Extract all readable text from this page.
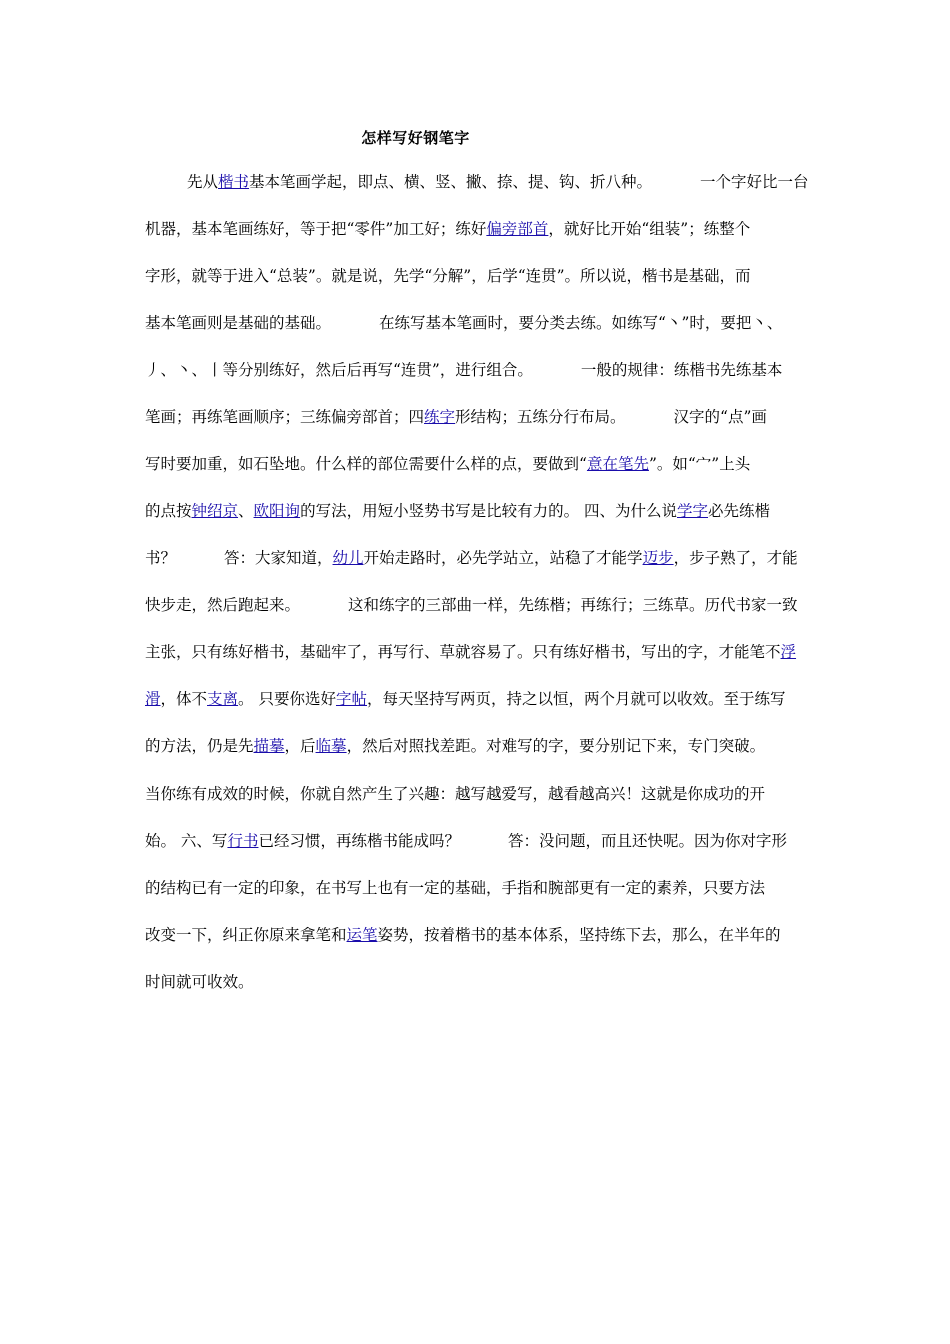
怎样写好钢笔字
先从楷书基本笔画学起，即点、横、竖、撇、捺、提、钩、折八种。	一个字好比一台
机器，基本笔画练好，等于把“零件”加工好；练好偏旁部首，就好比开始“组装”；练整个
字形，就等于进入“总装”。就是说，先学“分解”，后学“连贯”。所以说，楷书是基础，而
基本笔画则是基础的基础。	在练写基本笔画时，要分类去练。如练写“丶”时，要把丶、
丿、丶、丨等分别练好，然后后再写“连贯”，进行组合。	一般的规律：练楷书先练基本
笔画；再练笔画顺序；三练偏旁部首；四练字形结构；五练分行布局。	汉字的“点”画
写时要加重，如石坠地。什么样的部位需要什么样的点，要做到“意在笔先”。如“宀”上头
的点按钟绍京、欧阳询的写法，用短小竖势书写是比较有力的。 四、为什么说学字必先练楷
书？	答：大家知道，幼儿开始走路时，必先学站立，站稳了才能学迈步，步子熟了，才能
快步走，然后跑起来。	这和练字的三部曲一样，先练楷；再练行；三练草。历代书家一致
主张，只有练好楷书，基础牢了，再写行、草就容易了。只有练好楷书，写出的字，才能笔不浮
滑，体不支离。 只要你选好字帖，每天坚持写两页，持之以恒，两个月就可以收效。至于练写
的方法，仍是先描摹，后临摹，然后对照找差距。对难写的字，要分别记下来，专门突破。
当你练有成效的时候，你就自然产生了兴趣：越写越爱写，越看越高兴！这就是你成功的开
始。 六、写行书已经习惯，再练楷书能成吗？	答：没问题，而且还快呢。因为你对字形
的结构已有一定的印象，在书写上也有一定的基础，手指和腕部更有一定的素养，只要方法
改变一下，纠正你原来拿笔和运笔姿势，按着楷书的基本体系，坚持练下去，那么，在半年的
时间就可收效。
